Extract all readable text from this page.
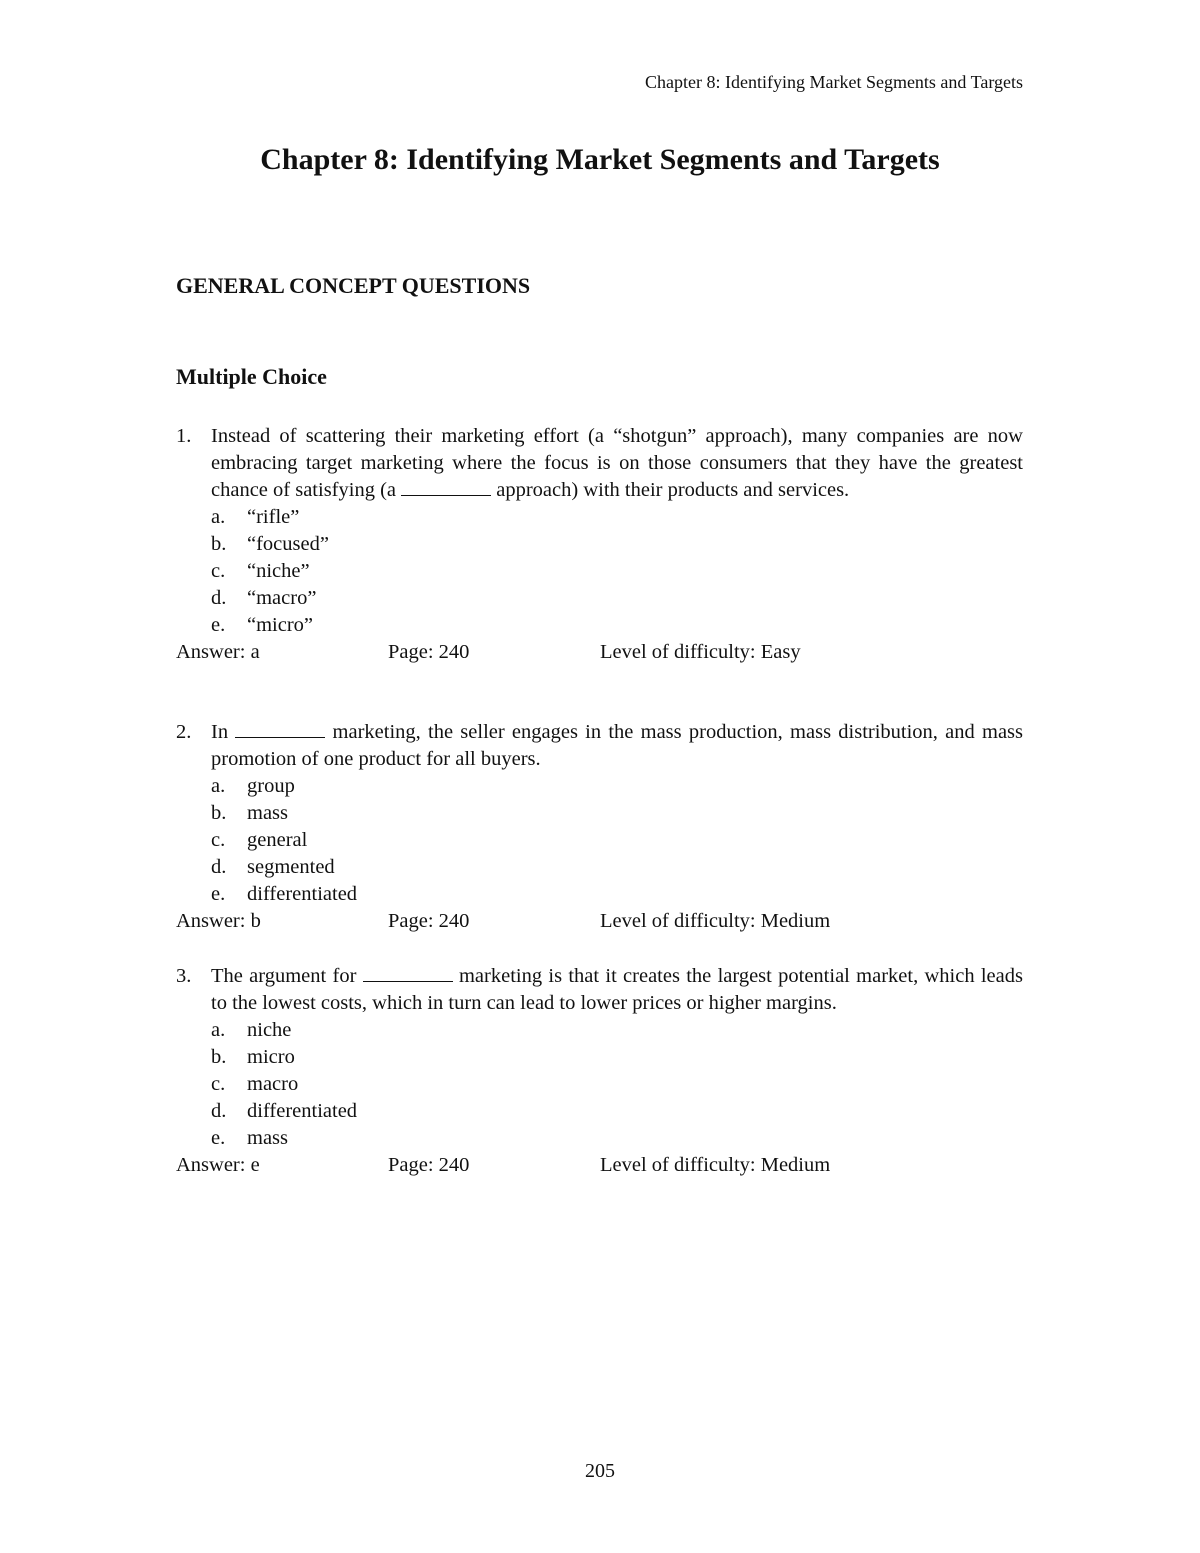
Chapter 8: Identifying Market Segments and Targets
Chapter 8: Identifying Market Segments and Targets
GENERAL CONCEPT QUESTIONS
Multiple Choice
1. Instead of scattering their marketing effort (a “shotgun” approach), many companies are now embracing target marketing where the focus is on those consumers that they have the greatest chance of satisfying (a	approach) with their products and services.
a.	“rifle”
b.	“focused”
c.	“niche”
d.	“macro”
e.	“micro”
Answer: a	Page: 240	Level of difficulty: Easy
2. In	marketing, the seller engages in the mass production, mass distribution, and mass promotion of one product for all buyers.
a.	group
b.	mass
c.	general
d.	segmented
e.	differentiated
Answer: b	Page: 240	Level of difficulty: Medium
3. The argument for	marketing is that it creates the largest potential market, which leads to the lowest costs, which in turn can lead to lower prices or higher margins.
a.	niche
b.	micro
c.	macro
d.	differentiated
e.	mass
Answer: e	Page: 240	Level of difficulty: Medium
205
